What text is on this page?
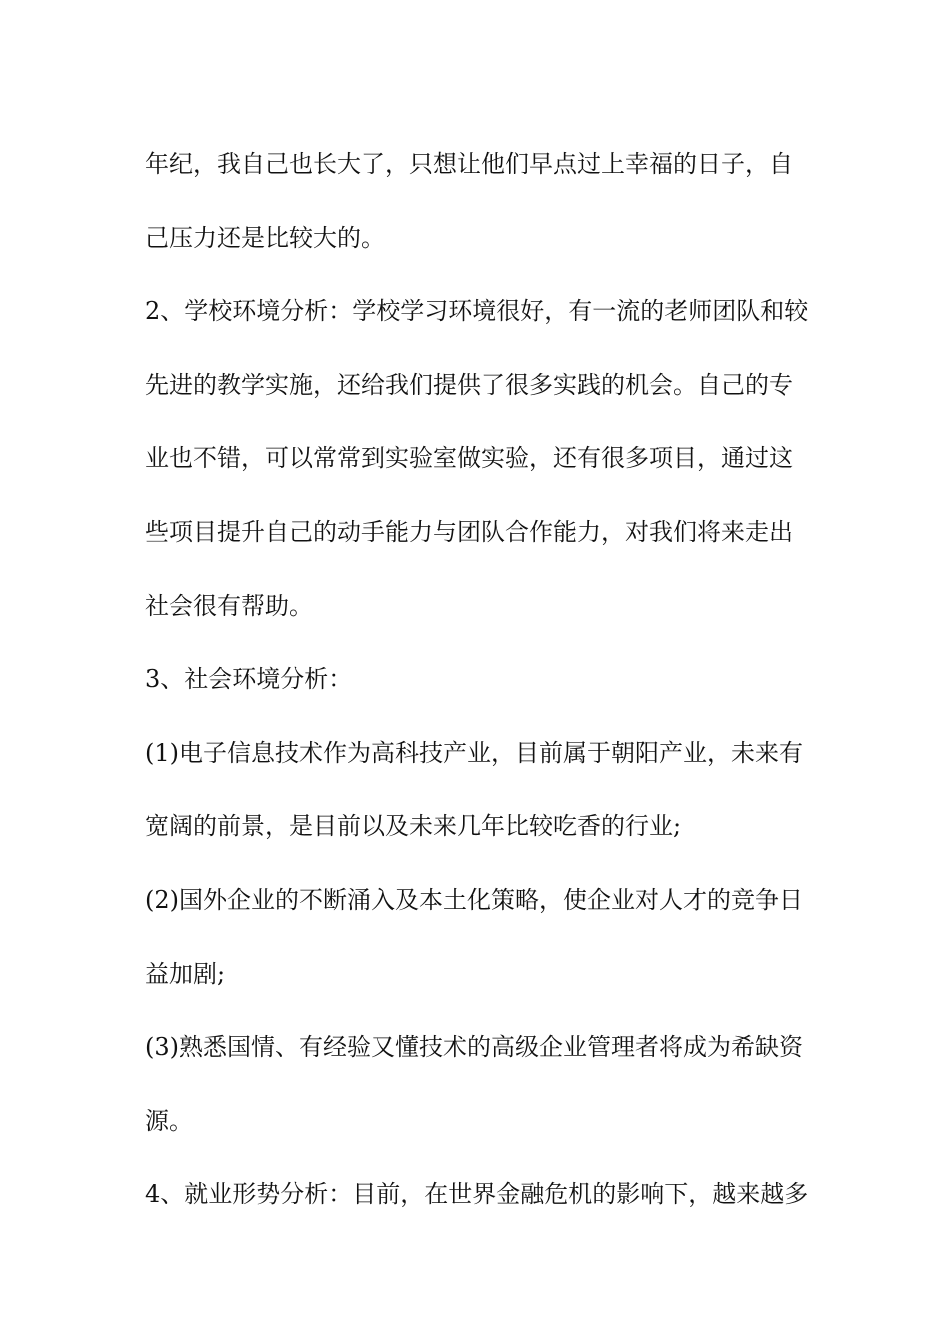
年纪，我自己也长大了，只想让他们早点过上幸福的日子，自
己压力还是比较大的。
2、学校环境分析：学校学习环境很好，有一流的老师团队和较
先进的教学实施，还给我们提供了很多实践的机会。自己的专
业也不错，可以常常到实验室做实验，还有很多项目，通过这
些项目提升自己的动手能力与团队合作能力，对我们将来走出
社会很有帮助。
3、社会环境分析：
(1)电子信息技术作为高科技产业，目前属于朝阳产业，未来有
宽阔的前景，是目前以及未来几年比较吃香的行业;
(2)国外企业的不断涌入及本土化策略，使企业对人才的竞争日
益加剧;
(3)熟悉国情、有经验又懂技术的高级企业管理者将成为希缺资
源。
4、就业形势分析：目前，在世界金融危机的影响下，越来越多
